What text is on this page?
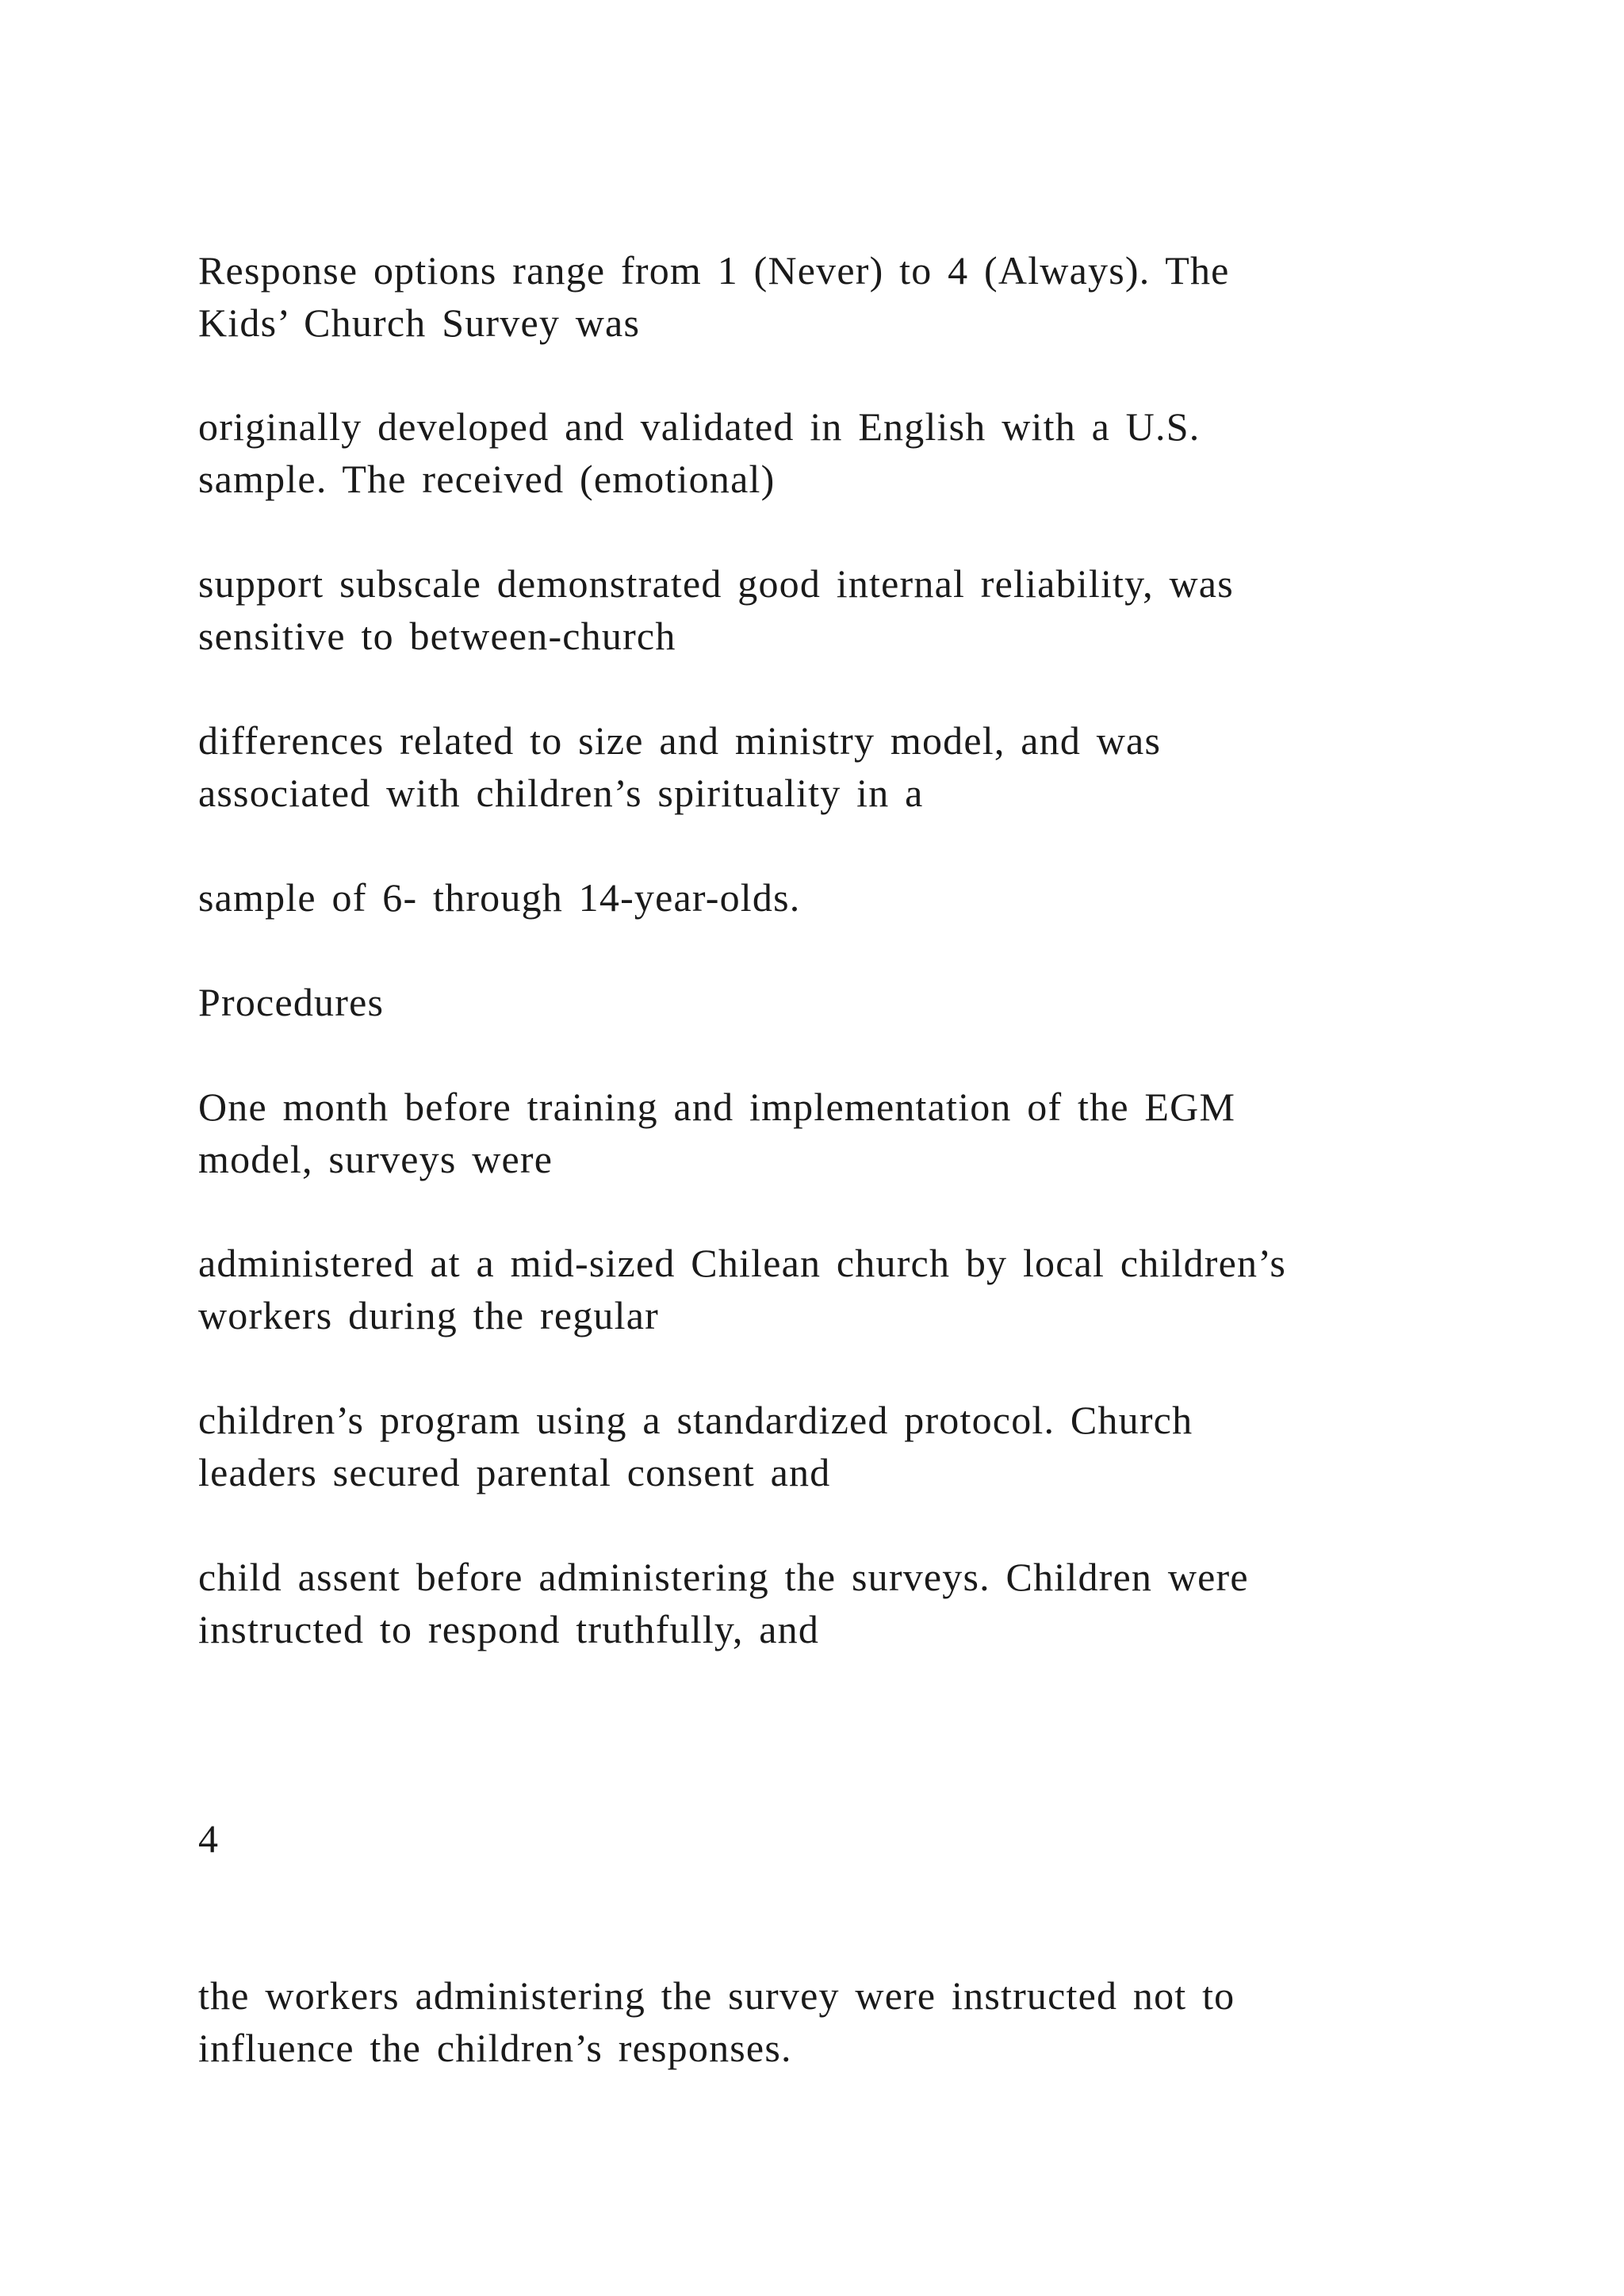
Response options range from 1 (Never) to 4 (Always). The
Kids’ Church Survey was

originally developed and validated in English with a U.S.
sample. The received (emotional)

support subscale demonstrated good internal reliability, was
sensitive to between-church

differences related to size and ministry model, and was
associated with children’s spirituality in a

sample of 6- through 14-year-olds.

Procedures

One month before training and implementation of the EGM
model, surveys were

administered at a mid-sized Chilean church by local children’s
workers during the regular

children’s program using a standardized protocol. Church
leaders secured parental consent and

child assent before administering the surveys. Children were
instructed to respond truthfully, and

4

the workers administering the survey were instructed not to
influence the children’s responses.
